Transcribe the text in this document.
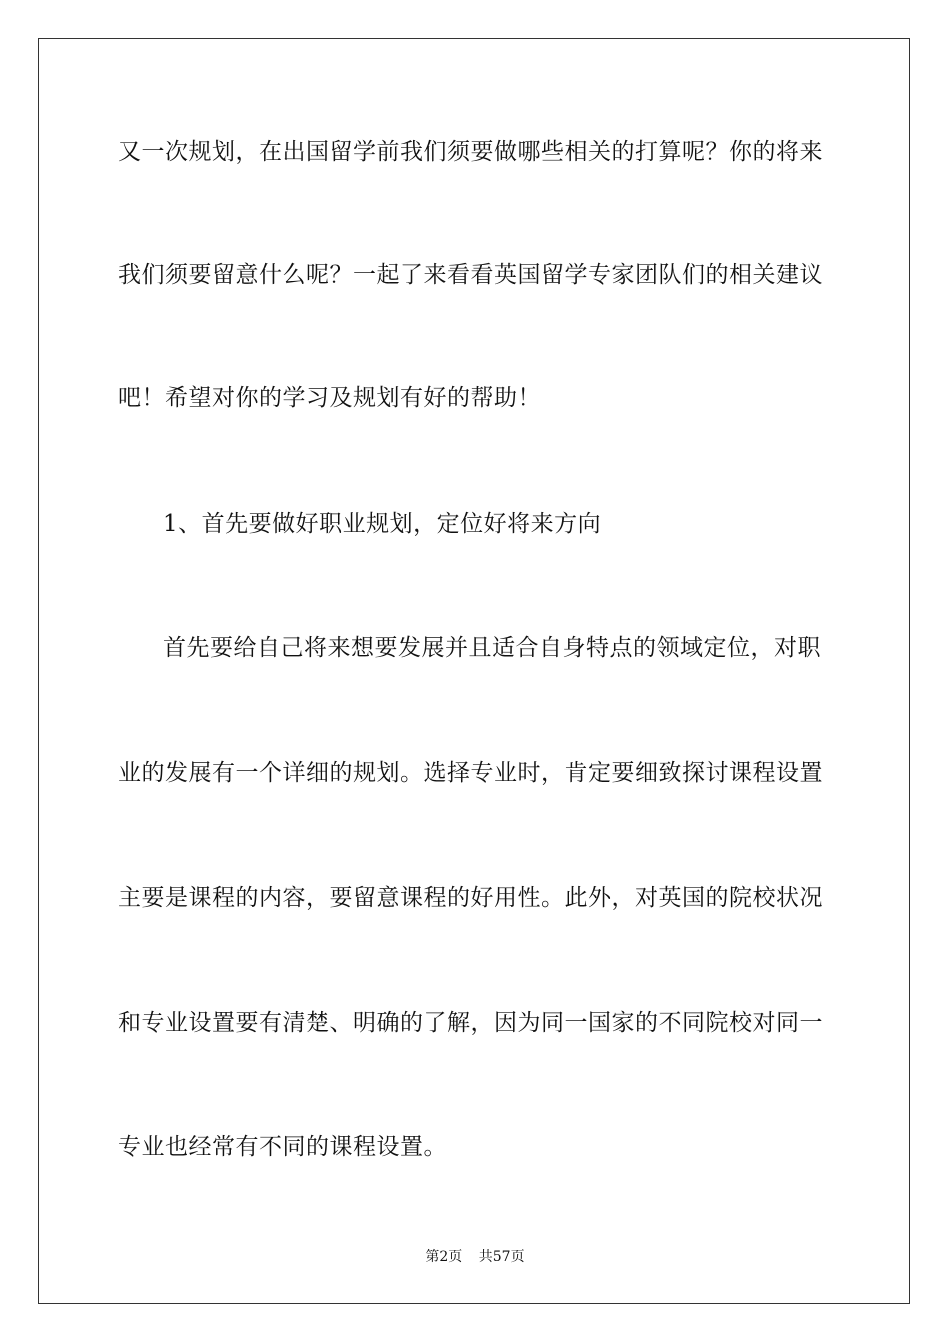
又一次规划，在出国留学前我们须要做哪些相关的打算呢？你的将来
我们须要留意什么呢？一起了来看看英国留学专家团队们的相关建议
吧！希望对你的学习及规划有好的帮助！
1、首先要做好职业规划，定位好将来方向
首先要给自己将来想要发展并且适合自身特点的领域定位，对职
业的发展有一个详细的规划。选择专业时，肯定要细致探讨课程设置
主要是课程的内容，要留意课程的好用性。此外，对英国的院校状况
和专业设置要有清楚、明确的了解，因为同一国家的不同院校对同一
专业也经常有不同的课程设置。
第2页 共57页
